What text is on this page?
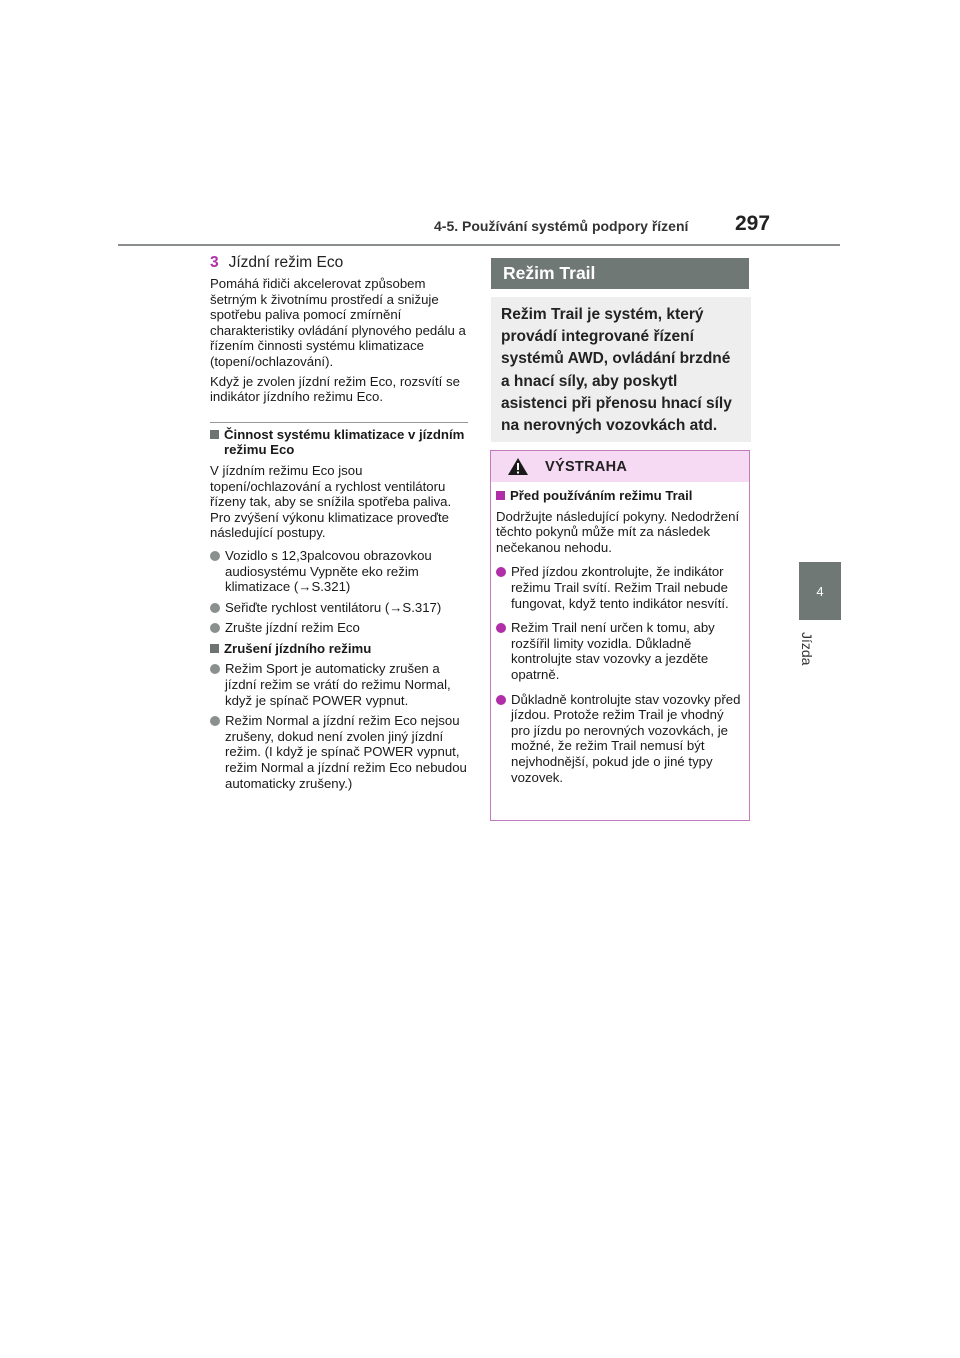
4-5. Používání systémů podpory řízení 297
4
Jízda
3 Jízdní režim Eco

Pomáhá řidiči akcelerovat způsobem šetrným k životnímu prostředí a snižuje spotřebu paliva pomocí zmírnění charakteristiky ovládání plynového pedálu a řízením činnosti systému klimatizace (topení/ochlazování).

Když je zvolen jízdní režim Eco, rozsvítí se indikátor jízdního režimu Eco.

Činnost systému klimatizace v jízdním režimu Eco

V jízdním režimu Eco jsou topení/ochlazování a rychlost ventilátoru řízeny tak, aby se snížila spotřeba paliva. Pro zvýšení výkonu klimatizace proveďte následující postupy.

Vozidlo s 12,3palcovou obrazovkou audiosystému Vypněte eko režim klimatizace (→S.321)
Seřiďte rychlost ventilátoru (→S.317)
Zrušte jízdní režim Eco
Zrušení jízdního režimu
Režim Sport je automaticky zrušen a jízdní režim se vrátí do režimu Normal, když je spínač POWER vypnut.
Režim Normal a jízdní režim Eco nejsou zrušeny, dokud není zvolen jiný jízdní režim. (I když je spínač POWER vypnut, režim Normal a jízdní režim Eco nebudou automaticky zrušeny.)
Režim Trail
Režim Trail je systém, který provádí integrované řízení systémů AWD, ovládání brzdné a hnací síly, aby poskytl asistenci při přenosu hnací síly na nerovných vozovkách atd.
VÝSTRAHA
Před používáním režimu Trail

Dodržujte následující pokyny. Nedodržení těchto pokynů může mít za následek nečekanou nehodu.

Před jízdou zkontrolujte, že indikátor režimu Trail svítí. Režim Trail nebude fungovat, když tento indikátor nesvítí.
Režim Trail není určen k tomu, aby rozšířil limity vozidla. Důkladně kontrolujte stav vozovky a jezděte opatrně.
Důkladně kontrolujte stav vozovky před jízdou. Protože režim Trail je vhodný pro jízdu po nerovných vozovkách, je možné, že režim Trail nemusí být nejvhodnější, pokud jde o jiné typy vozovek.
